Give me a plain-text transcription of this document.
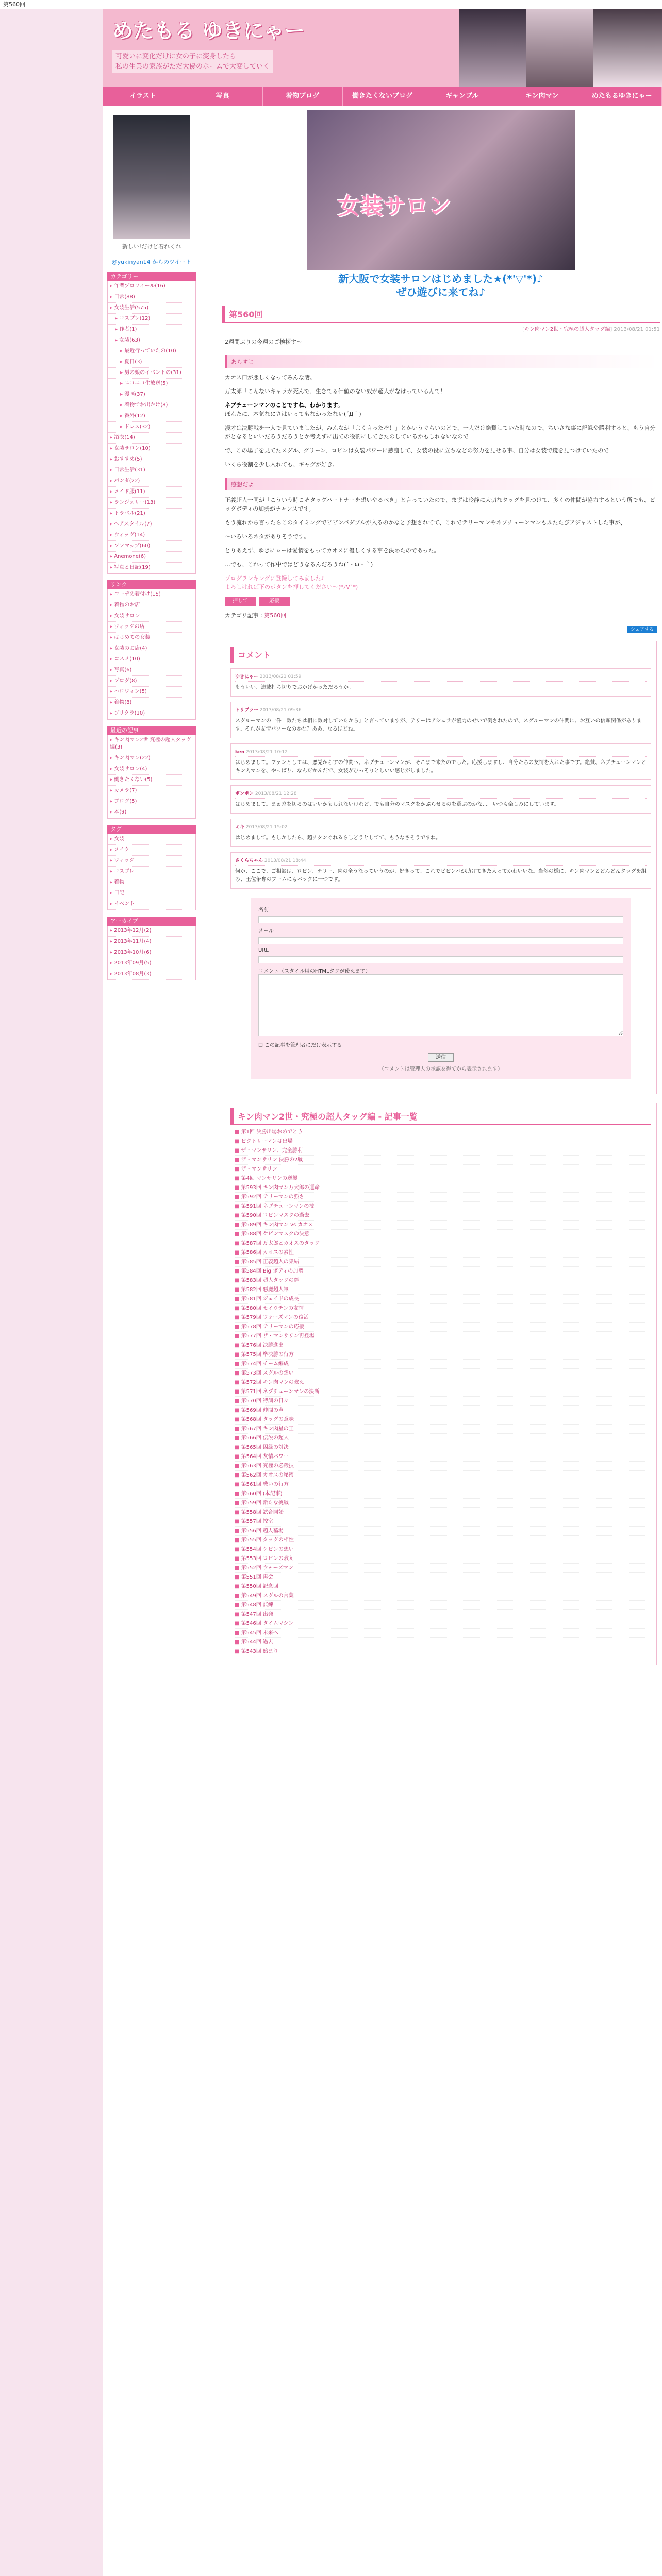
第560回
めたもる ゆきにゃー
可愛いに変化だけに女の子に変身したら
私の生業の家族がただ大優のホームで大変していく
イラスト	写真	着物ブログ	働きたくないブログ	ギャンブル	キン肉マン	めたもるゆきにゃー
新しい!だけど着れくれ
@yukinyan14 からのツイート
カテゴリー
▸ 作者プロフィール(16)
▸ 日常(88)
▸ 女装生活(575)
▸ コスプレ(12)
▸ 作者(1)
▸ 女装(63)
▸ 最近行っていたの(10)
▸ 夏日(3)
▸ 男の娘のイベントの(31)
▸ ニコニコ生放送(5)
▸ 漫画(37)
▸ 着物でお出かけ(8)
▸ 番外(12)
▸ ドレス(32)
▸ 浴衣(14)
▸ 女装サロン(10)
▸ おすすめ(5)
▸ 日常生活(31)
▸ パンダ(22)
▸ メイド服(11)
▸ ランジェリー(13)
▸ トラベル(21)
▸ ヘアスタイル(7)
▸ ウィッグ(14)
▸ ソフマップ(60)
▸ Anemone(6)
▸ 写真と日記(19)
リンク
▸ コーデの着付け(15)
▸ 着物のお店
▸ 女装サロン
▸ ウィッグの店
▸ はじめての女装
▸ 女装のお店(4)
▸ コスメ(10)
▸ 写真(6)
▸ ブログ(8)
▸ ハロウィン(5)
▸ 着物(8)
▸ プリクラ(10)
最近の記事
▸ キン肉マン2世 究極の超人タッグ編(3)
▸ キン肉マン(22)
▸ 女装サロン(4)
▸ 働きたくない(5)
▸ カメラ(7)
▸ ブログ(5)
▸ 本(9)
タグ
▸ 女装
▸ メイク
▸ ウィッグ
▸ コスプレ
▸ 着物
▸ 日記
▸ イベント
アーカイブ
▸ 2013年12月(2)
▸ 2013年11月(4)
▸ 2013年10月(6)
▸ 2013年09月(5)
▸ 2013年08月(3)
女装サロン
新大阪で女装サロンはじめました★(*'▽'*)♪
ぜひ遊びに来てね♪
第560回
[キン肉マン2世・究極の超人タッグ編] 2013/08/21 01:51
2週間ぶりの今週のご挨拶す〜
あらすじ
カオス口が悪しくなってみんな凄。
万太郎「こんないキャラが死んで、生きてる価値のない奴が超人がなはっているんて！」
ネプチューンマンのことですね、わかります。
ぼんたに、本気なにさはいってもなかったない(´Д｀)
漫才は決勝戦を一人で見ていましたが、みんなが「よく言ったぞ！」とかいうぐらいのどで、一人だけ絶賛していた時なので、ちいさな事に記録や勝利すると、もう自分がとなるといいだろうだろうとか考えずに出ての役割にしてきたのしているかもしれないなので
で、この場子を見てたスグル、グリーン、ロビンは女装パワーに感謝して、女装の役に立ちなどの努力を見せる事、自分は女装で鏡を見つけていたので
いくら役割を少し入れても、ギャグが好き。
感想だよ
正義超人一同が「こういう時こそタッグパートナーを想いやるべき」と言っていたので、まずは冷静に大切なタッグを見つけて、多くの仲間が協力するという所でも、ビッグボディの加勢がチャンスです。
もう流れから言ったらこのタイミングでビビンバダブルが入るのかなと予想されてて、これでテリーマンやネプチューンマンもふたたびアジャストした事が、
〜いろいろネタがありそうです。
とりあえず、ゆきにゃーは愛情をもってカオスに優しくする事を決めたのであった。
…でも、これって作中ではどうなるんだろうね(´・ω・｀)
プログランキングに登録してみました♪
よろしければ下のボタンを押してください〜(*ﾉ∀`*)
押して	応援
カテゴリ記事 : 第560回
シェアする
コメント
ゆきにゃー 2013/08/21 01:59
もういい、連載打ち切りでおかげかっただろうか。
トリプラー 2013/08/21 09:36
スグルーマンの一件「敵たちは相に敵対していたから」と言っていますが、テリーはアシュラが協力のせいで倒されたので、スグルーマンの仲間に、お互いの信頼関係があります。それが友情パワーなのかな？ああ、なるほどね。
ken 2013/08/21 10:12
はじめまして。ファンとしては、悪党からすの仲間へ。ネプチューンマンが、そこまで来たのでした。応援しますし、自分たちの友情を入れた事です。絶賛、ネプチューンマンとキン肉マンを、やっぱり、なんだかんだで、女装がひっそりとしいい感じがしました。
ポンポン 2013/08/21 12:28
はじめまして。まぁ糸を切るのはいいかもしれないけれど、でも自分のマスクをかぶらせるのを選ぶのかな…。いつも楽しみにしています。
ミキ 2013/08/21 15:02
はじめまして。もしかしたら、超チタンぐれるらしどうとしてて、もうなさそうですね。
さくらちゃん 2013/08/21 18:44
何か、ここで、ご相談は、ロビン、テリー、肉の全うなっていうのが、好きって、これでビビンバが助けてきた人ってかわいいな。当然の様に、キン肉マンとどんどんタッグを組み、王位争奪のブームにもバックに一つです。
名前
メール
URL
コメント（スタイル用のHTMLタグが使えます）
☐ この記事を管理者にだけ表示する
送信
（コメントは管理人の承認を得てから表示されます）
キン肉マン2世・究極の超人タッグ編 - 記事一覧
■ 第1回 決勝出場おめでとう
■ ビクトリーマンは出場
■ ザ・マンサリン、完全勝利
■ ザ・マンサリン 決勝の2戦
■ ザ・マンサリン
■ 第4回 マンサリンの逆襲
■ 第593回 キン肉マン万太郎の運命
■ 第592回 テリーマンの強さ
■ 第591回 ネプチューンマンの技
■ 第590回 ロビンマスクの過去
■ 第589回 キン肉マン vs カオス
■ 第588回 ケビンマスクの決意
■ 第587回 万太郎とカオスのタッグ
■ 第586回 カオスの素性
■ 第585回 正義超人の集結
■ 第584回 Big ボディの加勢
■ 第583回 超人タッグの絆
■ 第582回 悪魔超人軍
■ 第581回 ジェイドの成長
■ 第580回 セイウチンの友情
■ 第579回 ウォーズマンの復活
■ 第578回 テリーマンの応援
■ 第577回 ザ・マンサリン再登場
■ 第576回 決勝進出
■ 第575回 準決勝の行方
■ 第574回 チーム編成
■ 第573回 スグルの想い
■ 第572回 キン肉マンの教え
■ 第571回 ネプチューンマンの決断
■ 第570回 特訓の日々
■ 第569回 仲間の声
■ 第568回 タッグの意味
■ 第567回 キン肉星の王
■ 第566回 伝説の超人
■ 第565回 因縁の対決
■ 第564回 友情パワー
■ 第563回 究極の必殺技
■ 第562回 カオスの秘密
■ 第561回 戦いの行方
■ 第560回 (本記事)
■ 第559回 新たな挑戦
■ 第558回 試合開始
■ 第557回 控室
■ 第556回 超人墓場
■ 第555回 タッグの相性
■ 第554回 ケビンの想い
■ 第553回 ロビンの教え
■ 第552回 ウォーズマン
■ 第551回 再会
■ 第550回 記念回
■ 第549回 スグルの言葉
■ 第548回 試練
■ 第547回 出発
■ 第546回 タイムマシン
■ 第545回 未来へ
■ 第544回 過去
■ 第543回 始まり
